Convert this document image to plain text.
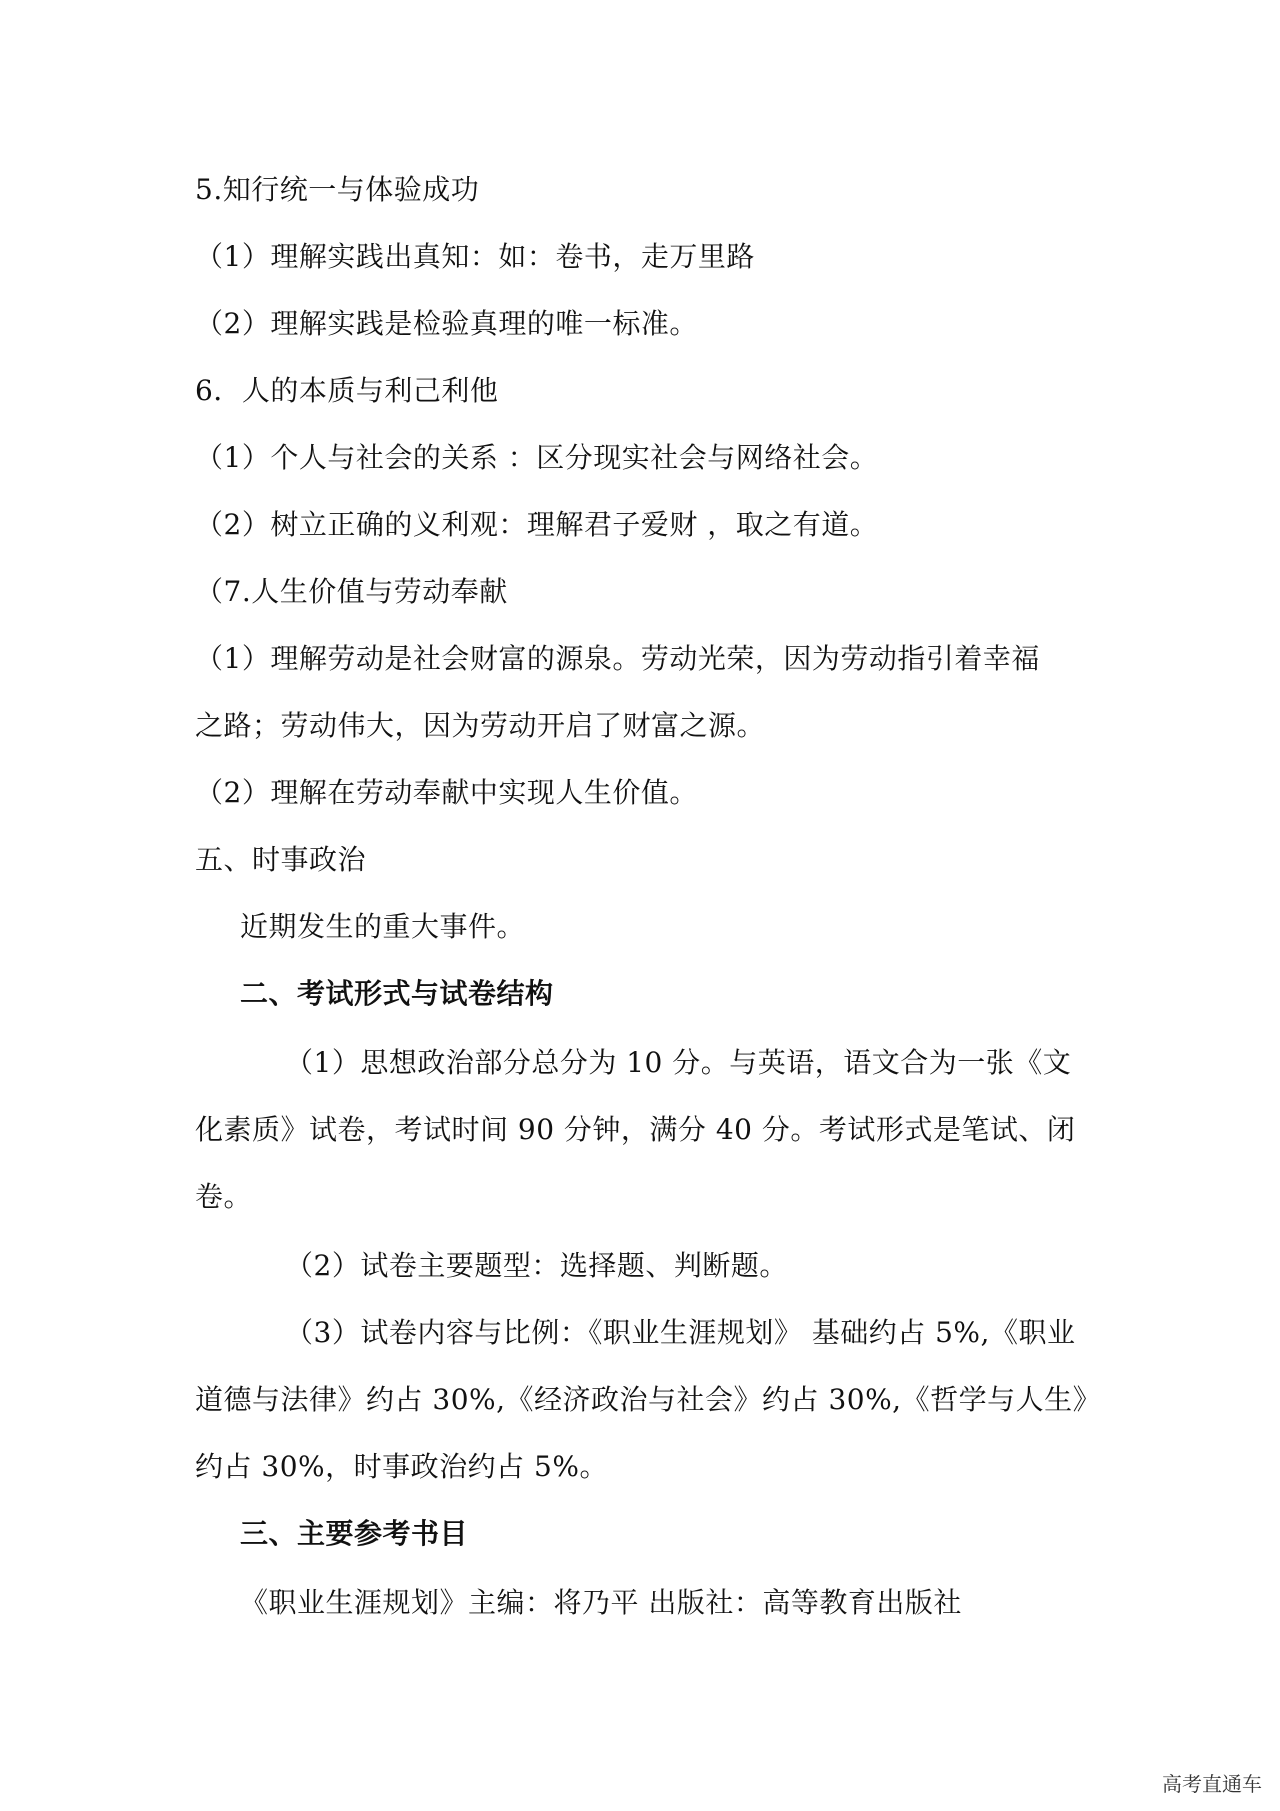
5.知行统一与体验成功
（1）理解实践出真知：如：卷书，走万里路
（2）理解实践是检验真理的唯一标准。
6．人的本质与利己利他
（1）个人与社会的关系 ：区分现实社会与网络社会。
（2）树立正确的义利观：理解君子爱财 ，取之有道。
（7.人生价值与劳动奉献
（1）理解劳动是社会财富的源泉。劳动光荣，因为劳动指引着幸福
之路；劳动伟大，因为劳动开启了财富之源。
（2）理解在劳动奉献中实现人生价值。
五、时事政治
近期发生的重大事件。
二、考试形式与试卷结构
（1）思想政治部分总分为 10 分。与英语，语文合为一张《文
化素质》试卷，考试时间 90 分钟，满分 40 分。考试形式是笔试、闭
卷。
（2）试卷主要题型：选择题、判断题。
（3）试卷内容与比例：《职业生涯规划》 基础约占 5%,《职业
道德与法律》约占 30%,《经济政治与社会》约占 30%,《哲学与人生》
约占 30%，时事政治约占 5%。
三、主要参考书目
《职业生涯规划》主编：将乃平 出版社：高等教育出版社
高考直通车
